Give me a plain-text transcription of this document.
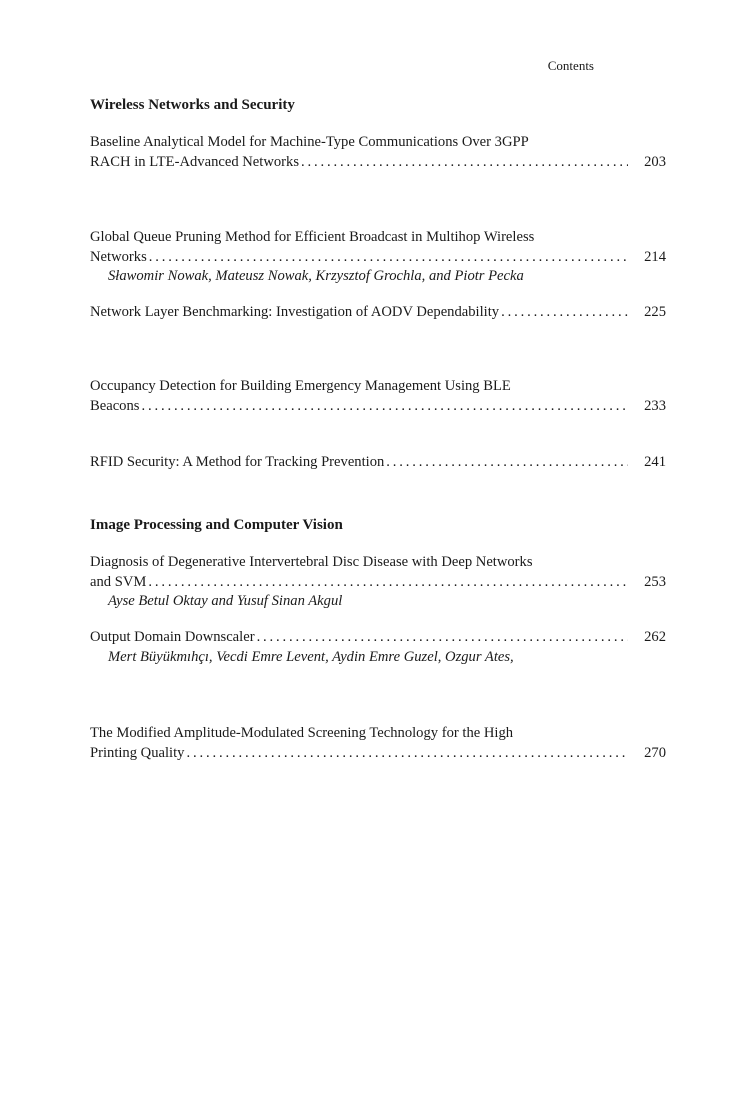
Contents
Wireless Networks and Security
Baseline Analytical Model for Machine-Type Communications Over 3GPP
RACH in LTE-Advanced Networks . . .	203
Global Queue Pruning Method for Efficient Broadcast in Multihop Wireless
Networks . . .	214
Sławomir Nowak, Mateusz Nowak, Krzysztof Grochla, and Piotr Pecka
Network Layer Benchmarking: Investigation of AODV Dependability . . .	225
Occupancy Detection for Building Emergency Management Using BLE
Beacons . . .	233
RFID Security: A Method for Tracking Prevention . . .	241
Image Processing and Computer Vision
Diagnosis of Degenerative Intervertebral Disc Disease with Deep Networks
and SVM . . .	253
Ayse Betul Oktay and Yusuf Sinan Akgul
Output Domain Downscaler . . .	262
Mert Büyükmıhçı, Vecdi Emre Levent, Aydin Emre Guzel, Ozgur Ates,
The Modified Amplitude-Modulated Screening Technology for the High
Printing Quality . . .	270
